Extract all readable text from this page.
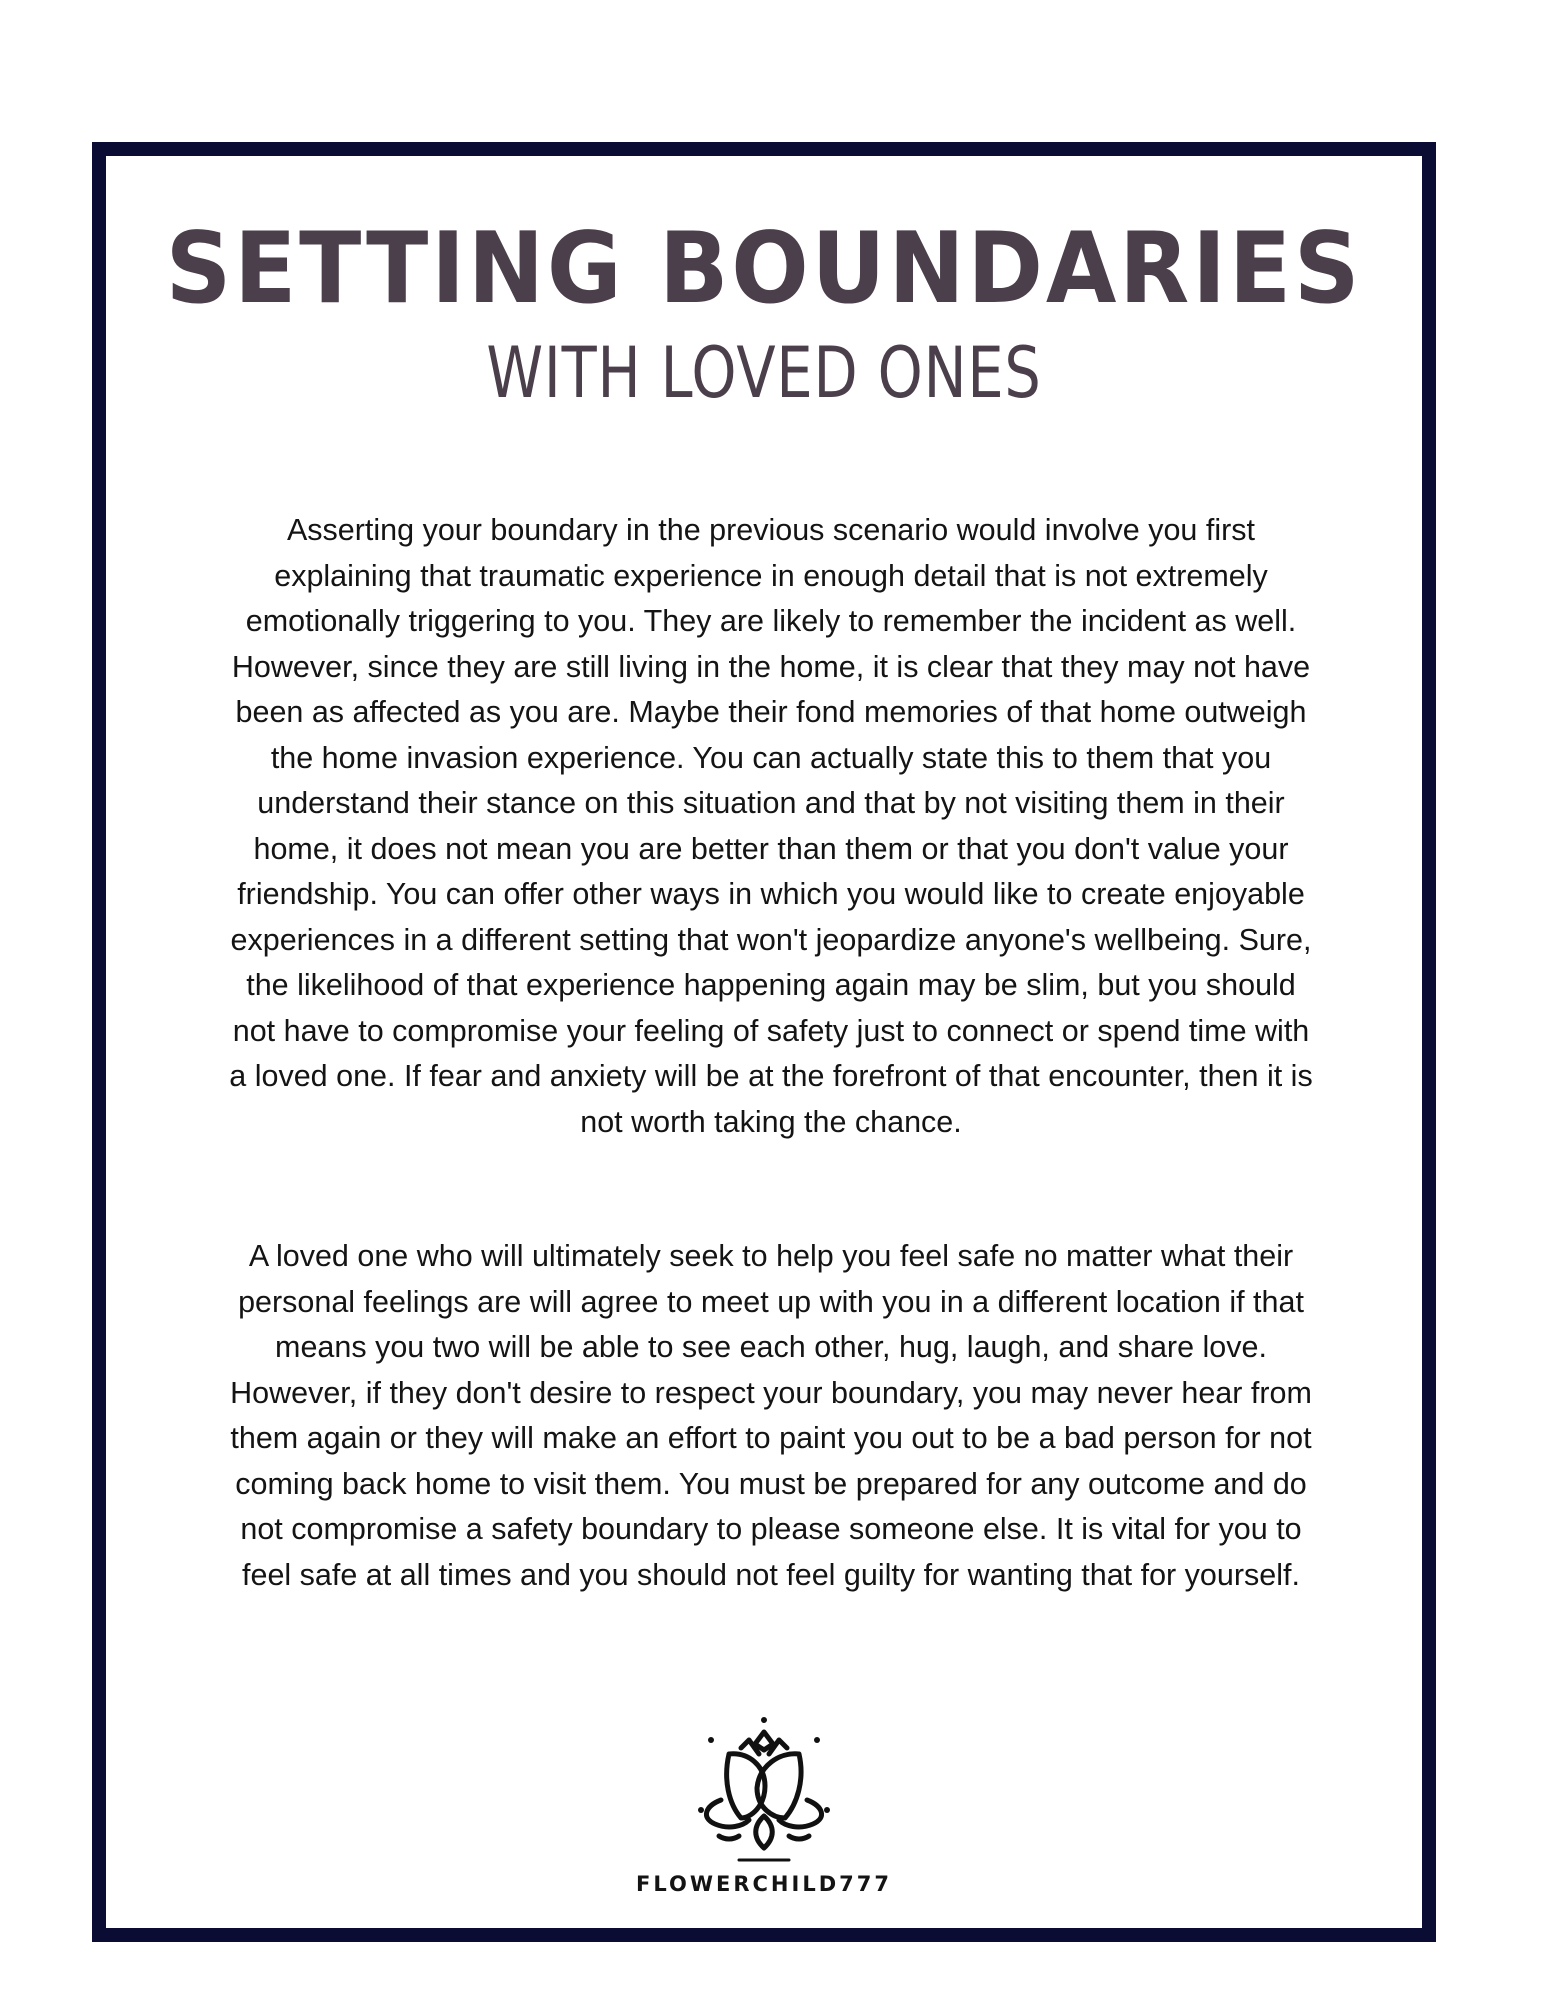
SETTING BOUNDARIES
WITH LOVED ONES

Asserting your boundary in the previous scenario would involve you first explaining that traumatic experience in enough detail that is not extremely emotionally triggering to you. They are likely to remember the incident as well. However, since they are still living in the home, it is clear that they may not have been as affected as you are. Maybe their fond memories of that home outweigh the home invasion experience. You can actually state this to them that you understand their stance on this situation and that by not visiting them in their home, it does not mean you are better than them or that you don't value your friendship. You can offer other ways in which you would like to create enjoyable experiences in a different setting that won't jeopardize anyone's wellbeing. Sure, the likelihood of that experience happening again may be slim, but you should not have to compromise your feeling of safety just to connect or spend time with a loved one. If fear and anxiety will be at the forefront of that encounter, then it is not worth taking the chance.

A loved one who will ultimately seek to help you feel safe no matter what their personal feelings are will agree to meet up with you in a different location if that means you two will be able to see each other, hug, laugh, and share love. However, if they don't desire to respect your boundary, you may never hear from them again or they will make an effort to paint you out to be a bad person for not coming back home to visit them. You must be prepared for any outcome and do not compromise a safety boundary to please someone else. It is vital for you to feel safe at all times and you should not feel guilty for wanting that for yourself.

FLOWERCHILD777
